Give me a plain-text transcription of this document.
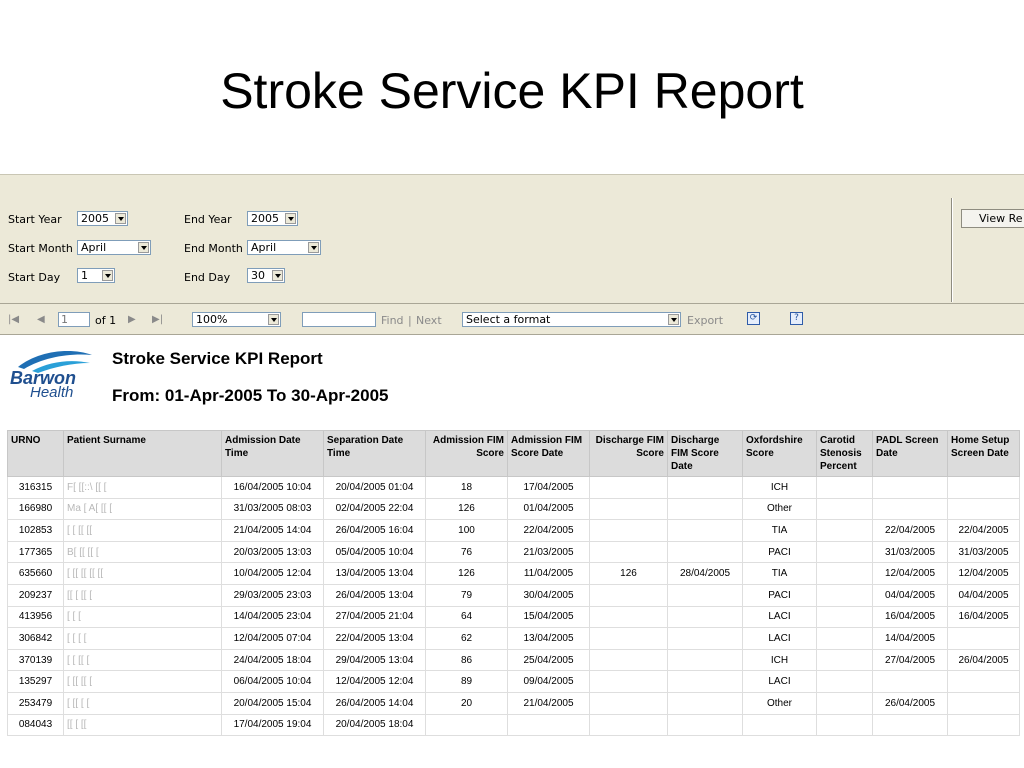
Stroke Service KPI Report
Start Year 2005
Start Month April
Start Day 1
End Year 2005
End Month April
End Day 30
View Re
|◀ ◀ 1	of 1 ▶ ▶|	100%	Find | Next Select a format	Export	⟳	?
Barwon
Health
Stroke Service KPI Report
From: 01-Apr-2005 To 30-Apr-2005
URNO	Patient Surname	Admission Date Time	Separation Date Time	Admission FIM Score	Admission FIM Score Date	Discharge FIM Score	Discharge FIM Score Date	Oxfordshire Score	Carotid Stenosis Percent	PADL Screen Date	Home Setup Screen Date
316315	F[ [[::\ [[ [	16/04/2005 10:04	20/04/2005 01:04	18	17/04/2005			ICH			
166980	Ma [ A[ [[ [	31/03/2005 08:03	02/04/2005 22:04	126	01/04/2005			Other			
102853	[ [ [[ [[	21/04/2005 14:04	26/04/2005 16:04	100	22/04/2005			TIA		22/04/2005	22/04/2005
177365	B[ [[ [[ [	20/03/2005 13:03	05/04/2005 10:04	76	21/03/2005			PACI		31/03/2005	31/03/2005
635660	[ [[ [[ [[ [[	10/04/2005 12:04	13/04/2005 13:04	126	11/04/2005	126	28/04/2005	TIA		12/04/2005	12/04/2005
209237	[[ [ [[ [	29/03/2005 23:03	26/04/2005 13:04	79	30/04/2005			PACI		04/04/2005	04/04/2005
413956	[ [ [	14/04/2005 23:04	27/04/2005 21:04	64	15/04/2005			LACI		16/04/2005	16/04/2005
306842	[ [ [ [	12/04/2005 07:04	22/04/2005 13:04	62	13/04/2005			LACI		14/04/2005	
370139	[ [ [[ [	24/04/2005 18:04	29/04/2005 13:04	86	25/04/2005			ICH		27/04/2005	26/04/2005
135297	[ [[ [[ [	06/04/2005 10:04	12/04/2005 12:04	89	09/04/2005			LACI			
253479	[ [[ [ [	20/04/2005 15:04	26/04/2005 14:04	20	21/04/2005			Other		26/04/2005	
084043	[[ [ [[	17/04/2005 19:04	20/04/2005 18:04								
